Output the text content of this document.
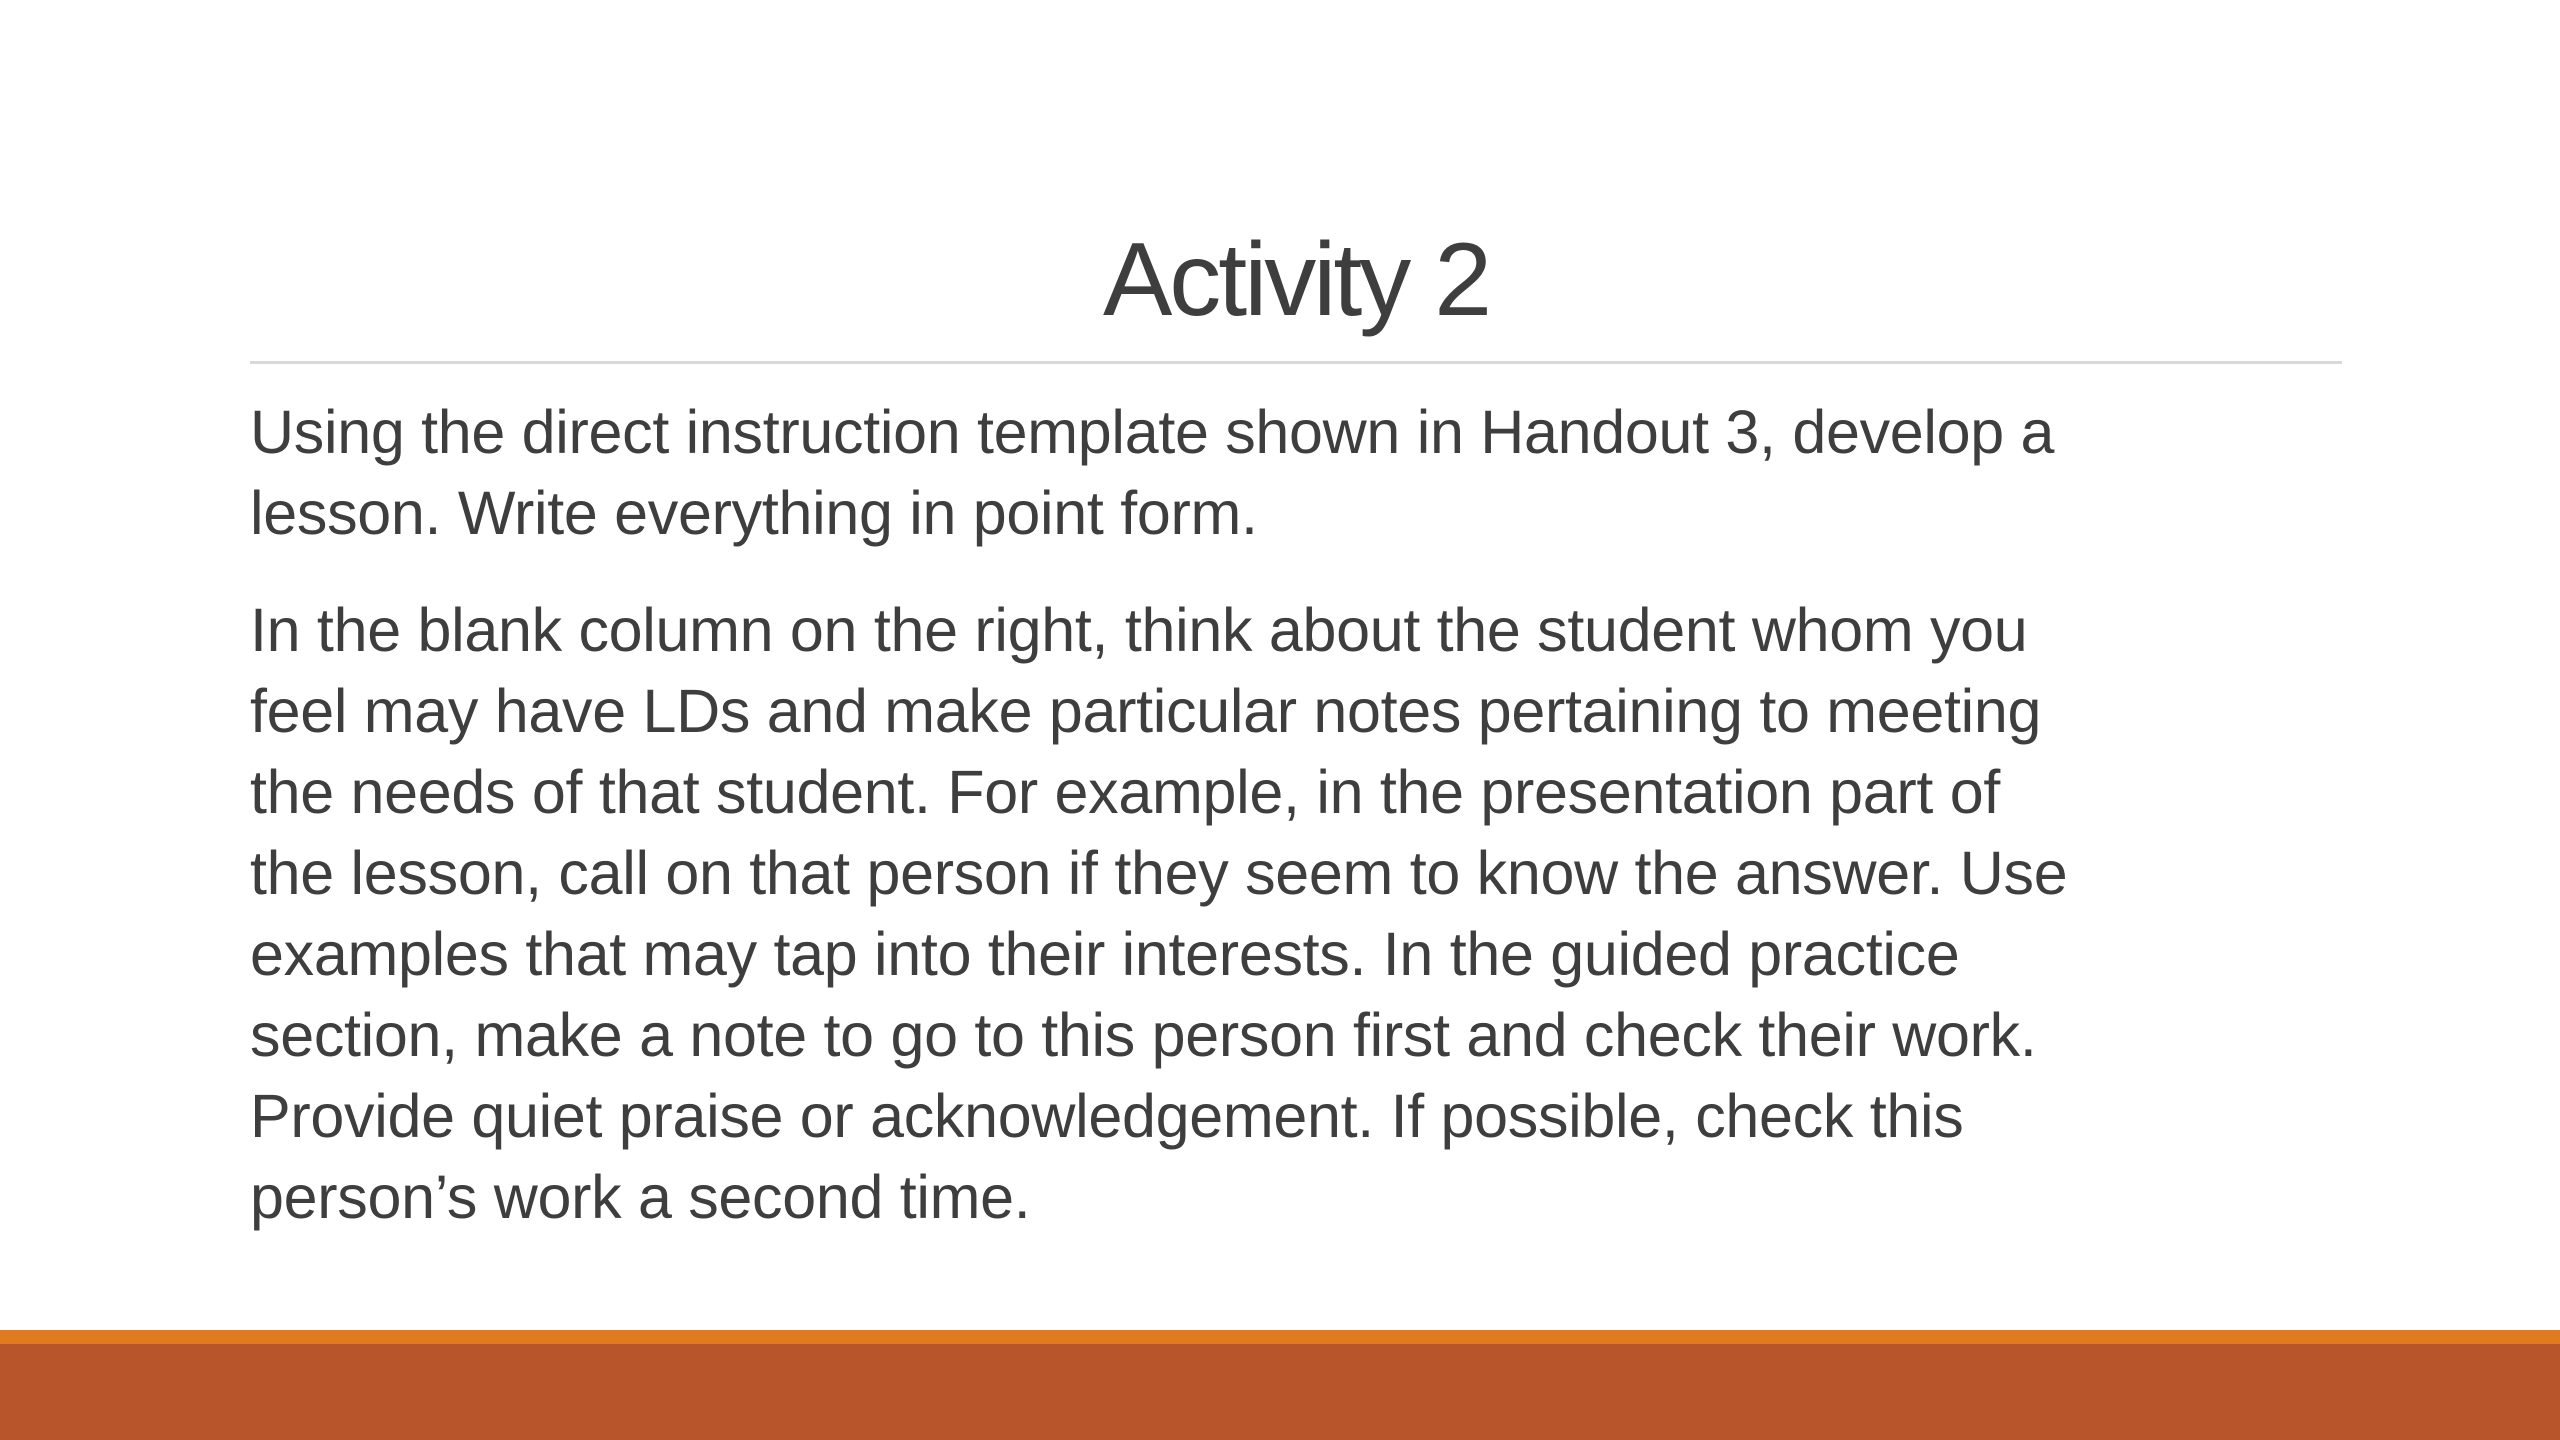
Activity 2

Using the direct instruction template shown in Handout 3, develop a
lesson. Write everything in point form.

In the blank column on the right, think about the student whom you
feel may have LDs and make particular notes pertaining to meeting
the needs of that student. For example, in the presentation part of
the lesson, call on that person if they seem to know the answer. Use
examples that may tap into their interests. In the guided practice
section, make a note to go to this person first and check their work.
Provide quiet praise or acknowledgement. If possible, check this
person’s work a second time.
